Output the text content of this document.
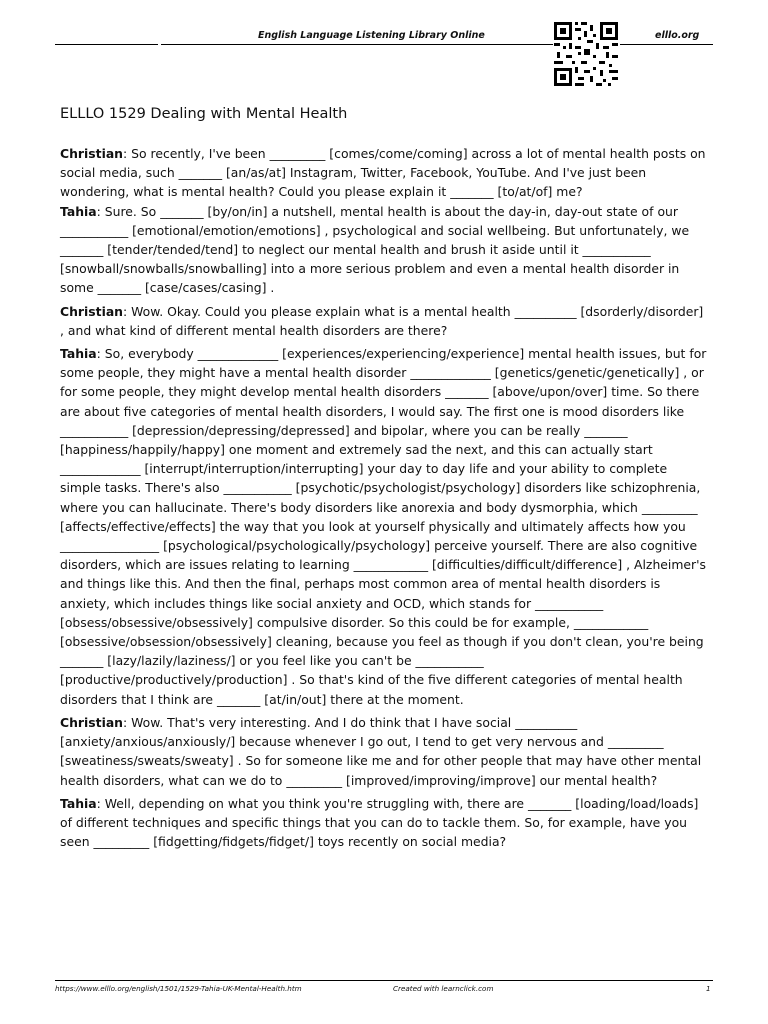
English Language Listening Library Online	elllo.org
ELLLO 1529 Dealing with Mental Health

Christian: So recently, I've been _________ [comes/come/coming] across a lot of mental health posts on social media, such _______ [an/as/at] Instagram, Twitter, Facebook, YouTube. And I've just been wondering, what is mental health? Could you please explain it _______ [to/at/of] me?

Tahia: Sure. So _______ [by/on/in] a nutshell, mental health is about the day-in, day-out state of our ___________ [emotional/emotion/emotions] , psychological and social wellbeing. But unfortunately, we _______ [tender/tended/tend] to neglect our mental health and brush it aside until it ___________ [snowball/snowballs/snowballing] into a more serious problem and even a mental health disorder in some _______ [case/cases/casing] .

Christian: Wow. Okay. Could you please explain what is a mental health __________ [dsorderly/disorder] , and what kind of different mental health disorders are there?

Tahia: So, everybody _____________ [experiences/experiencing/experience] mental health issues, but for some people, they might have a mental health disorder _____________ [genetics/genetic/genetically] , or for some people, they might develop mental health disorders _______ [above/upon/over] time. So there are about five categories of mental health disorders, I would say. The first one is mood disorders like ___________ [depression/depressing/depressed] and bipolar, where you can be really _______ [happiness/happily/happy] one moment and extremely sad the next, and this can actually start _____________ [interrupt/interruption/interrupting] your day to day life and your ability to complete simple tasks. There's also ___________ [psychotic/psychologist/psychology] disorders like schizophrenia, where you can hallucinate. There's body disorders like anorexia and body dysmorphia, which _________ [affects/effective/effects] the way that you look at yourself physically and ultimately affects how you ________________ [psychological/psychologically/psychology] perceive yourself. There are also cognitive disorders, which are issues relating to learning ____________ [difficulties/difficult/difference] , Alzheimer's and things like this. And then the final, perhaps most common area of mental health disorders is anxiety, which includes things like social anxiety and OCD, which stands for ___________ [obsess/obsessive/obsessively] compulsive disorder. So this could be for example, ____________ [obsessive/obsession/obsessively] cleaning, because you feel as though if you don't clean, you're being _______ [lazy/lazily/laziness/] or you feel like you can't be ___________ [productive/productively/production] . So that's kind of the five different categories of mental health disorders that I think are _______ [at/in/out] there at the moment.

Christian: Wow. That's very interesting. And I do think that I have social __________ [anxiety/anxious/anxiously/] because whenever I go out, I tend to get very nervous and _________ [sweatiness/sweats/sweaty] . So for someone like me and for other people that may have other mental health disorders, what can we do to _________ [improved/improving/improve] our mental health?

Tahia: Well, depending on what you think you're struggling with, there are _______ [loading/load/loads] of different techniques and specific things that you can do to tackle them. So, for example, have you seen _________ [fidgetting/fidgets/fidget/] toys recently on social media?

https://www.elllo.org/english/1501/1529-Tahia-UK-Mental-Health.htm	Created with learnclick.com	1
